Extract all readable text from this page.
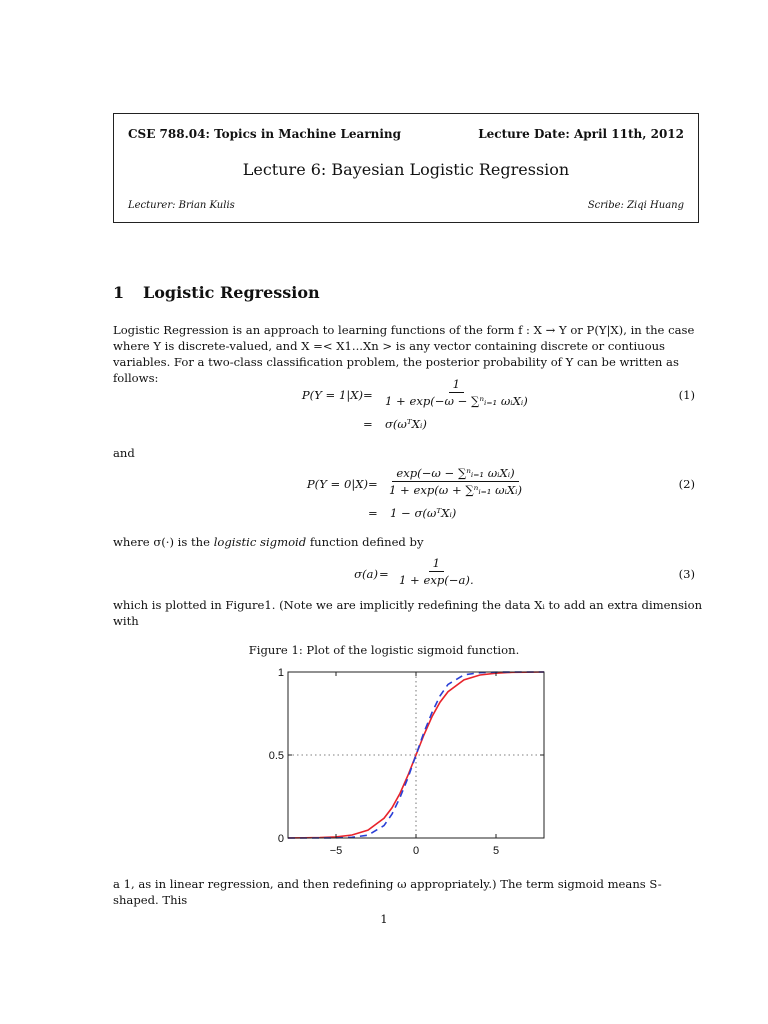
CSE 788.04: Topics in Machine Learning	Lecture Date: April 11th, 2012
Lecture 6: Bayesian Logistic Regression
Lecturer: Brian Kulis	Scribe: Ziqi Huang
1 Logistic Regression
Logistic Regression is an approach to learning functions of the form f : X → Y or P(Y|X), in the case where Y is discrete-valued, and X =< X1...Xn > is any vector containing discrete or contiuous variables. For a two-class classification problem, the posterior probability of Y can be written as follows:
$P(Y = 1|X) = \frac{1}{\text{1 + exp(−ω − ∑ⁿᵢ₌₁ ωᵢXᵢ)}}$
= σ(ωᵀXᵢ)
(1)
and
$P(Y = 0|X) = \frac{\text{exp(−ω − ∑ⁿᵢ₌₁ ωᵢXᵢ)}}{\text{1 + exp(ω + ∑ⁿᵢ₌₁ ωᵢXᵢ)}}$
= 1 − σ(ωᵀXᵢ)
(2)
where σ(·) is the logistic sigmoid function defined by
$\sigma(a) = \frac{1}{1 + \exp(-a).}$	(3)
which is plotted in Figure1. (Note we are implicitly redefining the data Xᵢ to add an extra dimension with
Figure 1: Plot of the logistic sigmoid function.
−5	0	5
0
0.5
1
a 1, as in linear regression, and then redefining ω appropriately.) The term sigmoid means S-shaped. This
1
